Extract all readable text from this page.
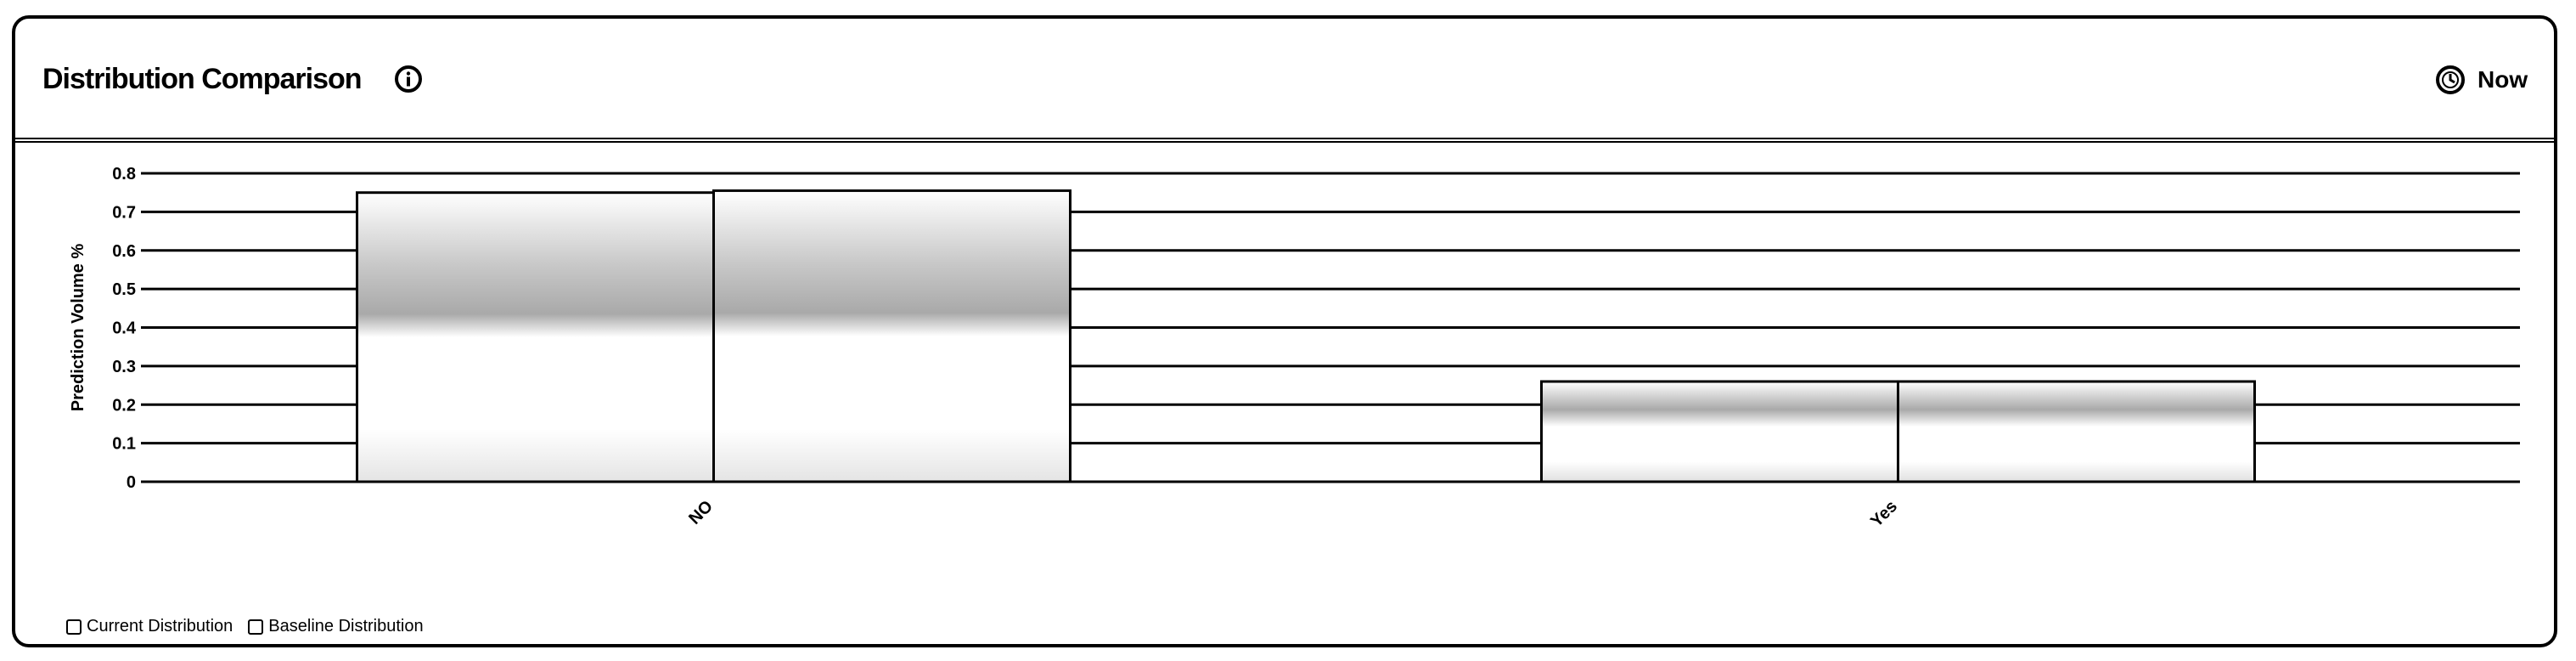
Distribution Comparison	Now
0
0.1
0.2
0.3
0.4
0.5
0.6
0.7
0.8
Prediction Volume %
NO	Yes
Current Distribution Baseline Distribution
